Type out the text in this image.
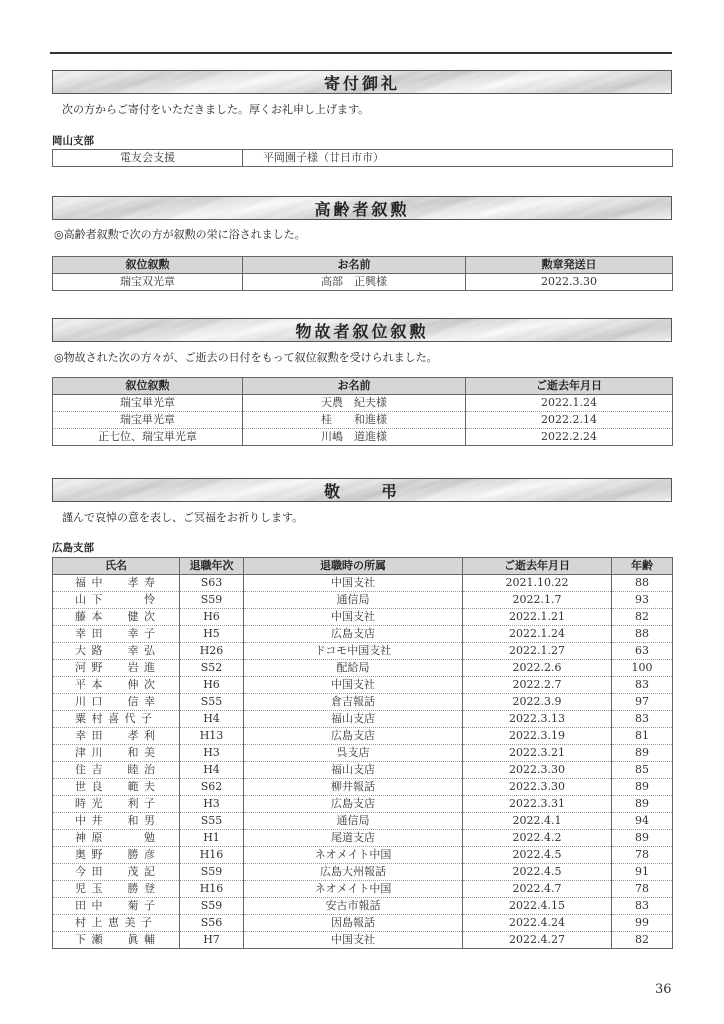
寄付御礼
次の方からご寄付をいただきました。厚くお礼申し上げます。
岡山支部
電友会支援	平岡園子様（廿日市市）
高齢者叙勲
◎高齢者叙勲で次の方が叙勲の栄に浴されました。
叙位叙勲	お名前	勲章発送日
瑞宝双光章	高部　正興様	2022.3.30
物故者叙位叙勲
◎物故された次の方々が、ご逝去の日付をもって叙位叙勲を受けられました。
叙位叙勲	お名前	ご逝去年月日
瑞宝単光章	天農　紀夫様	2022.1.24
瑞宝単光章	桂　　和進様	2022.2.14
正七位、瑞宝単光章	川嶋　道進様	2022.2.24
敬　　弔
謹んで哀悼の意を表し、ご冥福をお祈りします。
広島支部
氏名	退職年次	退職時の所属	ご逝去年月日	年齢
福 中　　孝 寿	S63	中国支社	2021.10.22	88
山 下　　　 怜	S59	通信局	2022.1.7	93
藤 本　　健 次	H6	中国支社	2022.1.21	82
幸 田　　幸 子	H5	広島支店	2022.1.24	88
大 路　　幸 弘	H26	ドコモ中国支社	2022.1.27	63
河 野　　岩 進	S52	配給局	2022.2.6	100
平 本　　伸 次	H6	中国支社	2022.2.7	83
川 口　　信 幸	S55	倉吉報話	2022.3.9	97
粟 村 喜 代 子	H4	福山支店	2022.3.13	83
幸 田　　孝 利	H13	広島支店	2022.3.19	81
津 川　　和 美	H3	呉支店	2022.3.21	89
住 吉　　睦 治	H4	福山支店	2022.3.30	85
世 良　　範 夫	S62	柳井報話	2022.3.30	89
時 光　　利 子	H3	広島支店	2022.3.31	89
中 井　　和 男	S55	通信局	2022.4.1	94
神 原　　　 勉	H1	尾道支店	2022.4.2	89
奥 野　　勝 彦	H16	ネオメイト中国	2022.4.5	78
今 田　　茂 記	S59	広島大州報話	2022.4.5	91
児 玉　　勝 登	H16	ネオメイト中国	2022.4.7	78
田 中　　菊 子	S59	安古市報話	2022.4.15	83
村 上 恵 美 子	S56	因島報話	2022.4.24	99
下 瀬　　眞 輔	H7	中国支社	2022.4.27	82
36
